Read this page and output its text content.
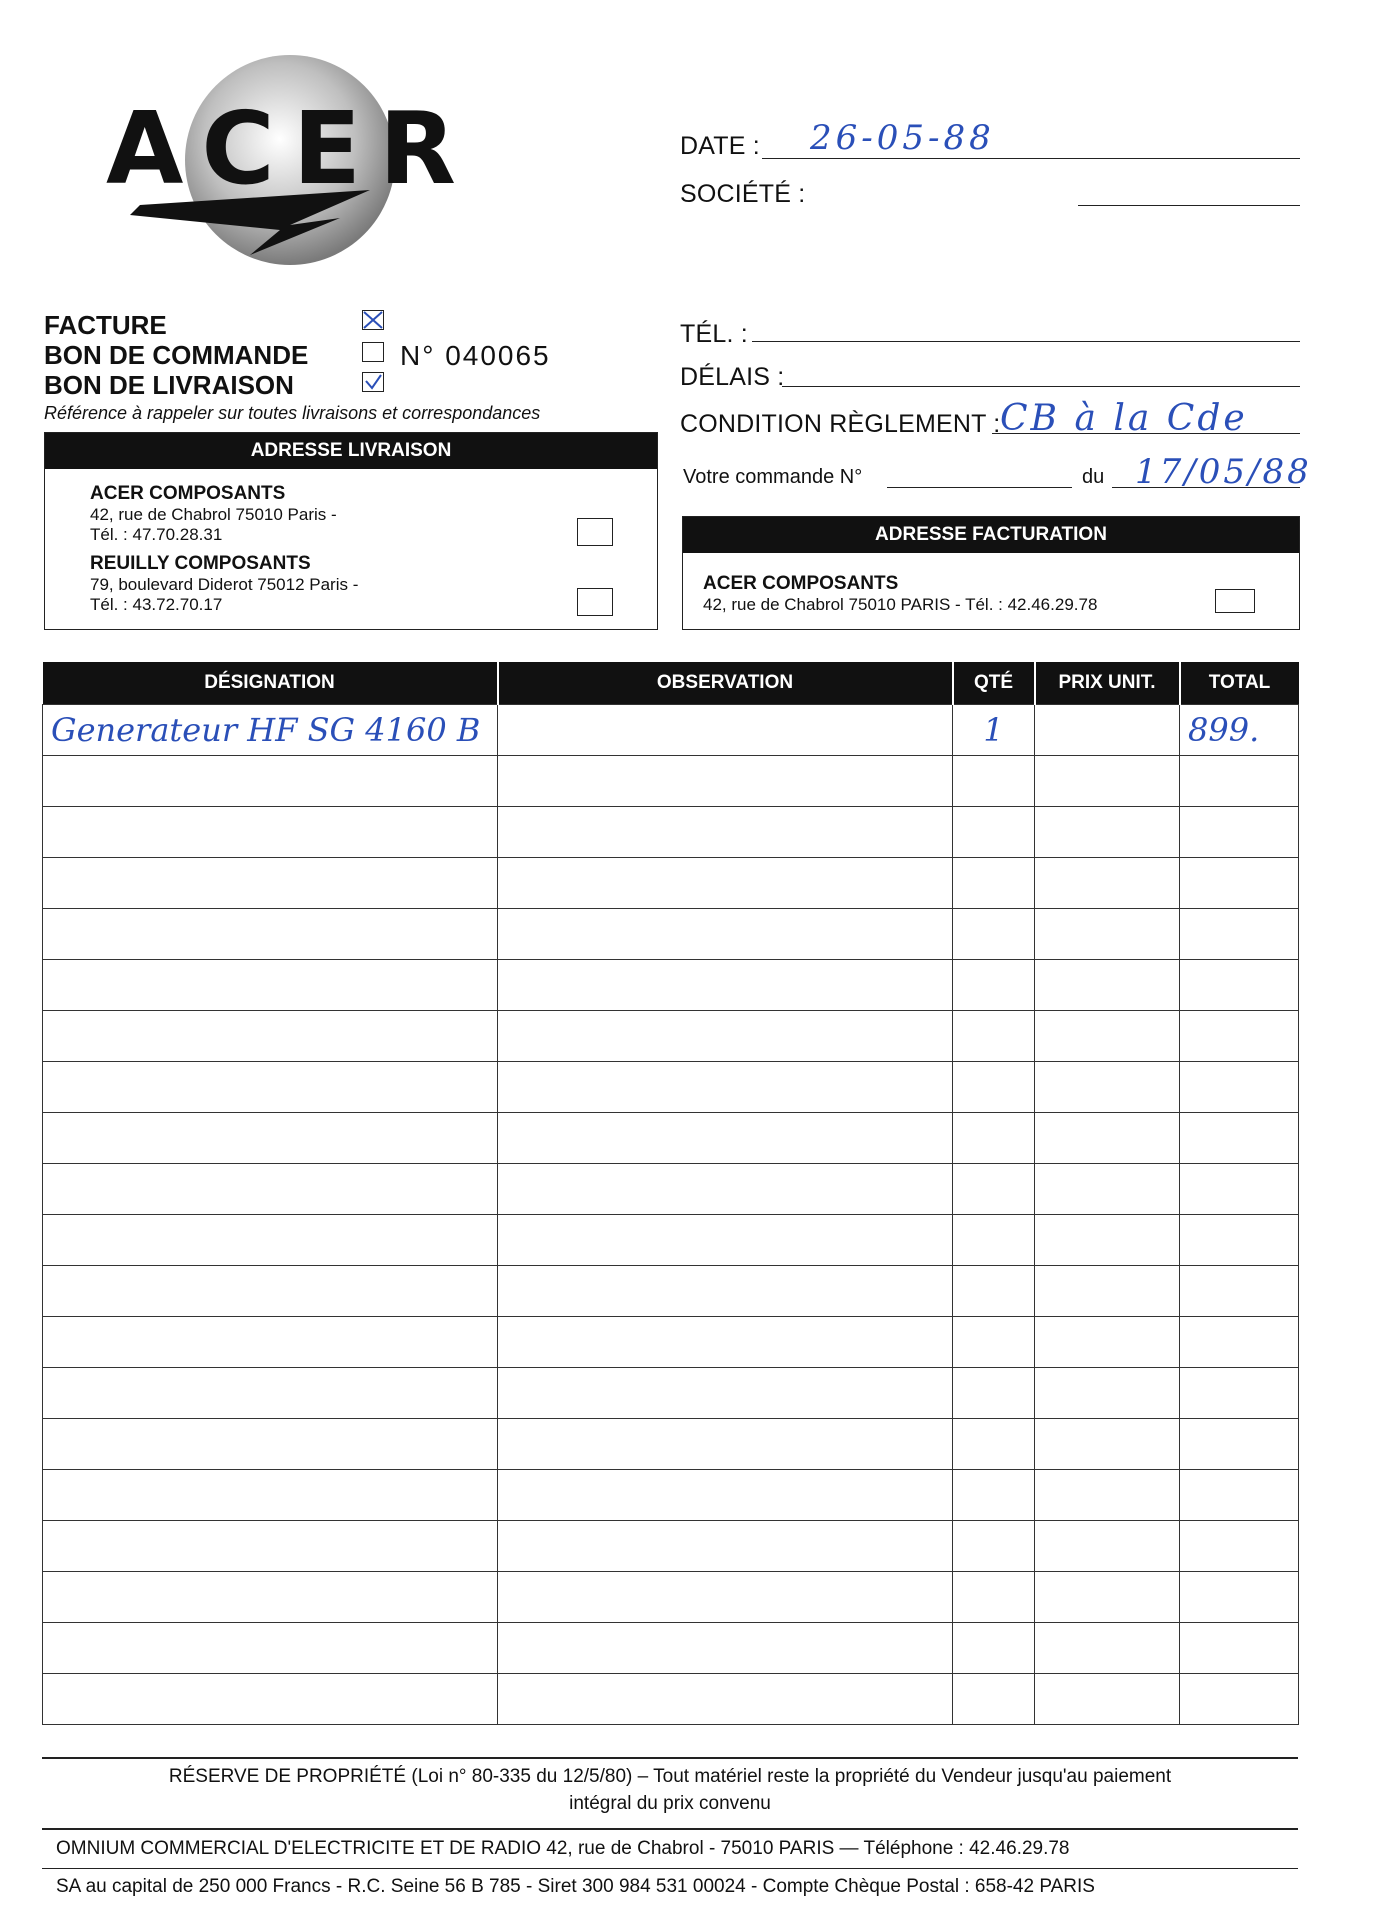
ACER	DATE : 26-05-88
SOCIÉTÉ :
TÉL. :
DÉLAIS :
CONDITION RÈGLEMENT : CB à la Cde
Votre commande N°	du 17/05/88
FACTURE
BON DE COMMANDE
BON DE LIVRAISON
N° 040065
Référence à rappeler sur toutes livraisons et correspondances
ADRESSE LIVRAISON
ACER COMPOSANTS
42, rue de Chabrol 75010 Paris -
Tél. : 47.70.28.31
REUILLY COMPOSANTS
79, boulevard Diderot 75012 Paris -
Tél. : 43.72.70.17
ADRESSE FACTURATION
ACER COMPOSANTS
42, rue de Chabrol 75010 PARIS - Tél. : 42.46.29.78
DÉSIGNATION	OBSERVATION	QTÉ	PRIX UNIT.	TOTAL
Generateur HF SG 4160 B		1		899.

RÉSERVE DE PROPRIÉTÉ (Loi n° 80-335 du 12/5/80) – Tout matériel reste la propriété du Vendeur jusqu'au paiement
intégral du prix convenu
OMNIUM COMMERCIAL D'ELECTRICITE ET DE RADIO 42, rue de Chabrol - 75010 PARIS — Téléphone : 42.46.29.78
SA au capital de 250 000 Francs - R.C. Seine 56 B 785 - Siret 300 984 531 00024 - Compte Chèque Postal : 658-42 PARIS
